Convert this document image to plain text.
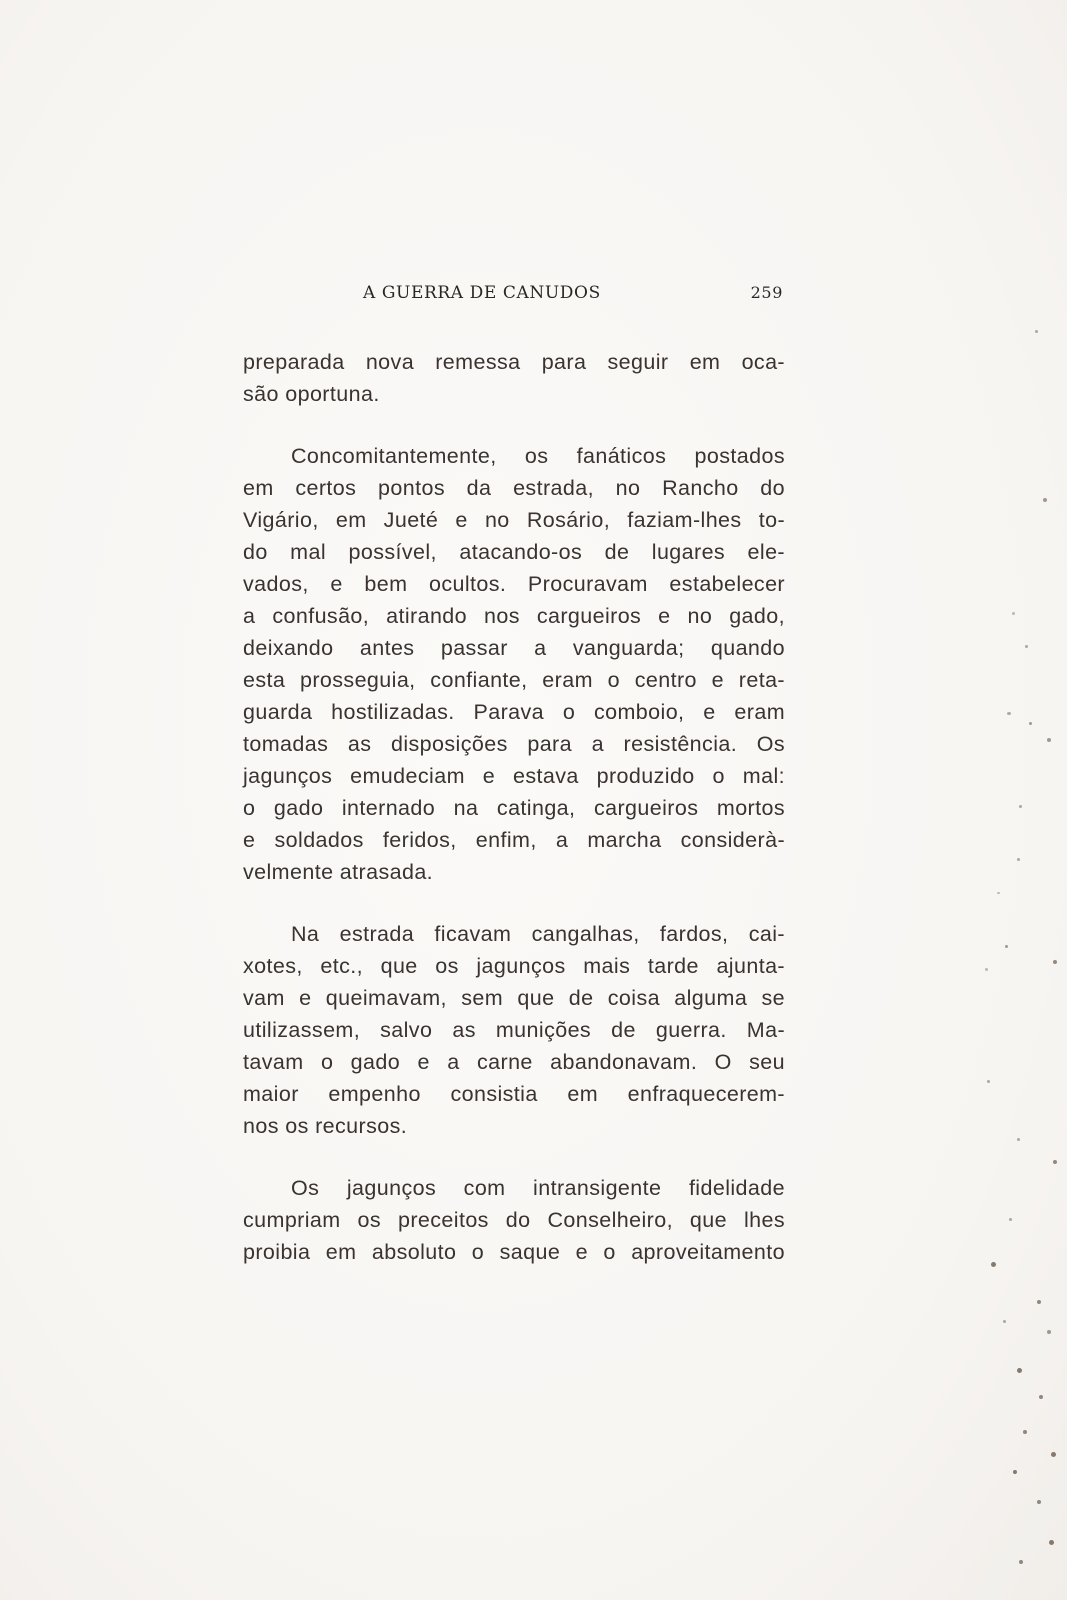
A GUERRA DE CANUDOS	259
preparada nova remessa para seguir em oca-
são oportuna.
Concomitantemente, os fanáticos postados
em certos pontos da estrada, no Rancho do
Vigário, em Jueté e no Rosário, faziam-lhes to-
do mal possível, atacando-os de lugares ele-
vados, e bem ocultos. Procuravam estabelecer
a confusão, atirando nos cargueiros e no gado,
deixando antes passar a vanguarda; quando
esta prosseguia, confiante, eram o centro e reta-
guarda hostilizadas. Parava o comboio, e eram
tomadas as disposições para a resistência. Os
jagunços emudeciam e estava produzido o mal:
o gado internado na catinga, cargueiros mortos
e soldados feridos, enfim, a marcha considerà-
velmente atrasada.
Na estrada ficavam cangalhas, fardos, cai-
xotes, etc., que os jagunços mais tarde ajunta-
vam e queimavam, sem que de coisa alguma se
utilizassem, salvo as munições de guerra. Ma-
tavam o gado e a carne abandonavam. O seu
maior empenho consistia em enfraquecerem-
nos os recursos.
Os jagunços com intransigente fidelidade
cumpriam os preceitos do Conselheiro, que lhes
proibia em absoluto o saque e o aproveitamento
